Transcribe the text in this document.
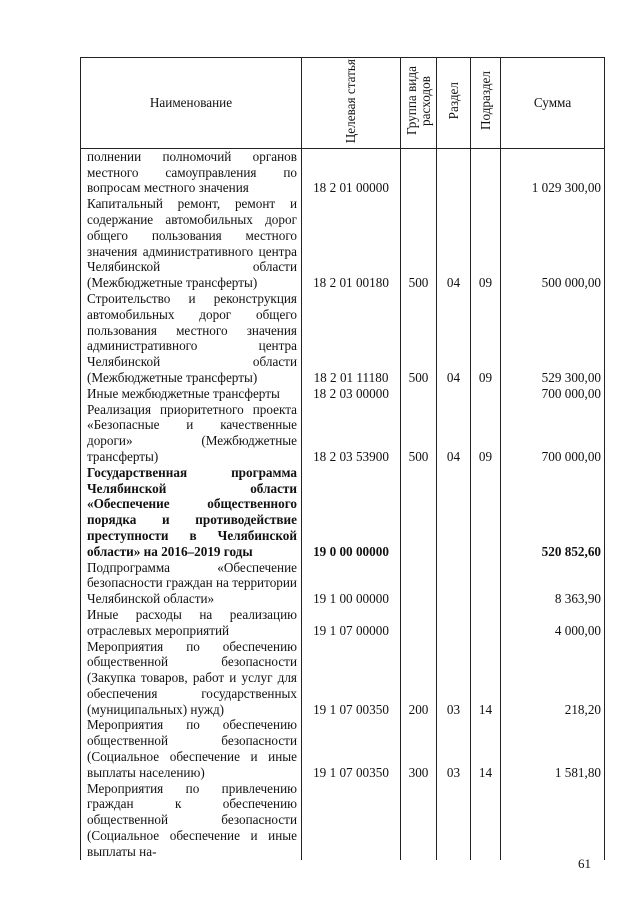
Наименование	Целевая статья	Группа вида расходов	Раздел	Подраздел	Сумма
полнении полномочий органов местного самоуправления по вопросам местного значения	18 2 01 00000				1 029 300,00
Капитальный ремонт, ремонт и содержание автомобильных дорог общего пользования местного значения административного центра Челябинской области (Межбюджетные трансферты)	18 2 01 00180	500	04	09	500 000,00
Строительство и реконструкция автомобильных дорог общего пользования местного значения административного центра Челябинской области (Межбюджетные трансферты)	18 2 01 11180	500	04	09	529 300,00
Иные межбюджетные трансферты	18 2 03 00000				700 000,00
Реализация приоритетного проекта «Безопасные и качественные дороги» (Межбюджетные трансферты)	18 2 03 53900	500	04	09	700 000,00
Государственная программа Челябинской области «Обеспечение общественного порядка и противодействие преступности в Челябинской области» на 2016–2019 годы	19 0 00 00000				520 852,60
Подпрограмма «Обеспечение безопасности граждан на территории Челябинской области»	19 1 00 00000				8 363,90
Иные расходы на реализацию отраслевых мероприятий	19 1 07 00000				4 000,00
Мероприятия по обеспечению общественной безопасности (Закупка товаров, работ и услуг для обеспечения государственных (муниципальных) нужд)	19 1 07 00350	200	03	14	218,20
Мероприятия по обеспечению общественной безопасности (Социальное обеспечение и иные выплаты населению)	19 1 07 00350	300	03	14	1 581,80
Мероприятия по привлечению граждан к обеспечению общественной безопасности (Социальное обеспечение и иные выплаты на-					
61
